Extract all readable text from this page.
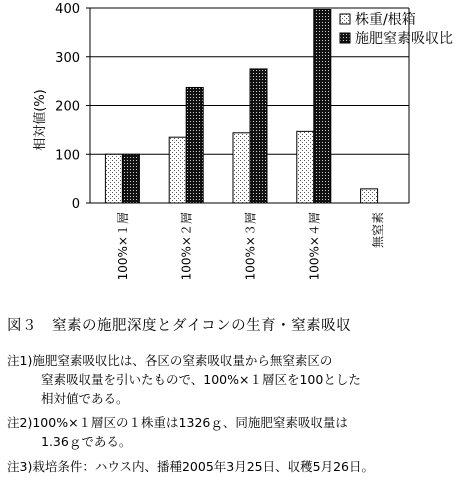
0
100
200
300
400
100%×１層	100%×２層	100%×３層	100%×４層	無窒素
相対値(%)
株重/根箱
施肥窒素吸収比
図３　窒素の施肥深度とダイコンの生育・窒素吸収
注1)施肥窒素吸収比は、各区の窒素吸収量から無窒素区の
窒素吸収量を引いたもので、100%×１層区を100とした
相対値である。
注2)100%×１層区の１株重は1326ｇ、同施肥窒素吸収量は
1.36ｇである。
注3)栽培条件：ハウス内、播種2005年3月25日、収穫5月26日。
